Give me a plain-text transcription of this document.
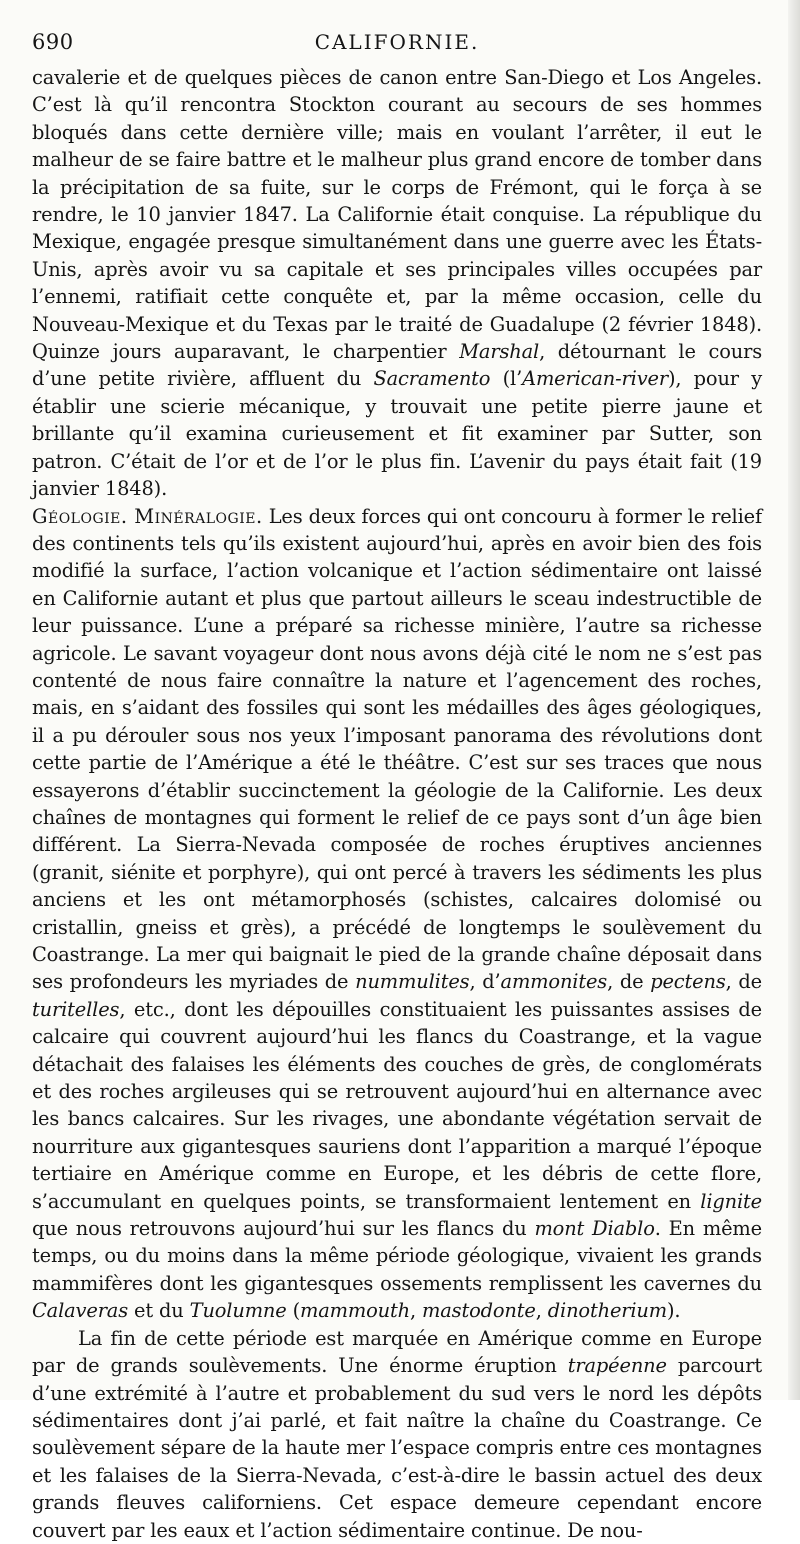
690	CALIFORNIE.

cavalerie et de quelques pièces de canon entre San-Diego et Los Angeles. C’est là qu’il rencontra Stockton courant au secours de ses hommes bloqués dans cette dernière ville; mais en voulant l’arrêter, il eut le malheur de se faire battre et le malheur plus grand encore de tomber dans la précipitation de sa fuite, sur le corps de Frémont, qui le força à se rendre, le 10 janvier 1847. La Californie était conquise. La république du Mexique, engagée presque simultanément dans une guerre avec les États-Unis, après avoir vu sa capitale et ses principales villes occupées par l’ennemi, ratifiait cette conquête et, par la même occasion, celle du Nouveau-Mexique et du Texas par le traité de Guadalupe (2 février 1848). Quinze jours auparavant, le charpentier Marshal, détournant le cours d’une petite rivière, affluent du Sacramento (l’American-river), pour y établir une scierie mécanique, y trouvait une petite pierre jaune et brillante qu’il examina curieusement et fit examiner par Sutter, son patron. C’était de l’or et de l’or le plus fin. L’avenir du pays était fait (19 janvier 1848).

Géologie. Minéralogie. Les deux forces qui ont concouru à former le relief des continents tels qu’ils existent aujourd’hui, après en avoir bien des fois modifié la surface, l’action volcanique et l’action sédimentaire ont laissé en Californie autant et plus que partout ailleurs le sceau indestructible de leur puissance. L’une a préparé sa richesse minière, l’autre sa richesse agricole. Le savant voyageur dont nous avons déjà cité le nom ne s’est pas contenté de nous faire connaître la nature et l’agencement des roches, mais, en s’aidant des fossiles qui sont les médailles des âges géologiques, il a pu dérouler sous nos yeux l’imposant panorama des révolutions dont cette partie de l’Amérique a été le théâtre. C’est sur ses traces que nous essayerons d’établir succinctement la géologie de la Californie. Les deux chaînes de montagnes qui forment le relief de ce pays sont d’un âge bien différent. La Sierra-Nevada composée de roches éruptives anciennes (granit, siénite et porphyre), qui ont percé à travers les sédiments les plus anciens et les ont métamorphosés (schistes, calcaires dolomisé ou cristallin, gneiss et grès), a précédé de longtemps le soulèvement du Coastrange. La mer qui baignait le pied de la grande chaîne déposait dans ses profondeurs les myriades de nummulites, d’ammonites, de pectens, de turitelles, etc., dont les dépouilles constituaient les puissantes assises de calcaire qui couvrent aujourd’hui les flancs du Coastrange, et la vague détachait des falaises les éléments des couches de grès, de conglomérats et des roches argileuses qui se retrouvent aujourd’hui en alternance avec les bancs calcaires. Sur les rivages, une abondante végétation servait de nourriture aux gigantesques sauriens dont l’apparition a marqué l’époque tertiaire en Amérique comme en Europe, et les débris de cette flore, s’accumulant en quelques points, se transformaient lentement en lignite que nous retrouvons aujourd’hui sur les flancs du mont Diablo. En même temps, ou du moins dans la même période géologique, vivaient les grands mammifères dont les gigantesques ossements remplissent les cavernes du Calaveras et du Tuolumne (mammouth, mastodonte, dinotherium).

La fin de cette période est marquée en Amérique comme en Europe par de grands soulèvements. Une énorme éruption trapéenne parcourt d’une extrémité à l’autre et probablement du sud vers le nord les dépôts sédimentaires dont j’ai parlé, et fait naître la chaîne du Coastrange. Ce soulèvement sépare de la haute mer l’espace compris entre ces montagnes et les falaises de la Sierra-Nevada, c’est-à-dire le bassin actuel des deux grands fleuves californiens. Cet espace demeure cependant encore couvert par les eaux et l’action sédimentaire continue. De nou-
